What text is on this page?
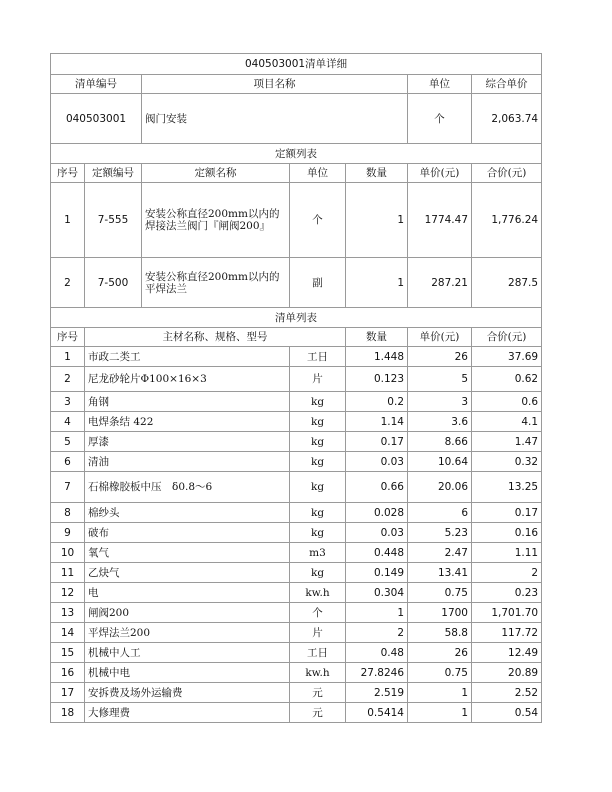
040503001清单详细						
清单编号		项目名称			单位	综合单价
040503001		阀门安装			个	2,063.74
定额列表						
序号	定额编号	定额名称	单位	数量	单价(元)	合价(元)
1	7-555	安装公称直径200mm以内的焊接法兰阀门『闸阀200』	个	1	1774.47	1,776.24
2	7-500	安装公称直径200mm以内的平焊法兰	副	1	287.21	287.5
清单列表						
序号	主材名称、规格、型号			数量	单价(元)	合价(元)
1	市政二类工		工日	1.448	26	37.69
2	尼龙砂轮片Φ100×16×3		片	0.123	5	0.62
3	角钢		kg	0.2	3	0.6
4	电焊条结 422		kg	1.14	3.6	4.1
5	厚漆		kg	0.17	8.66	1.47
6	清油		kg	0.03	10.64	0.32
7	石棉橡胶板中压　δ0.8～6		kg	0.66	20.06	13.25
8	棉纱头		kg	0.028	6	0.17
9	破布		kg	0.03	5.23	0.16
10	氧气		m3	0.448	2.47	1.11
11	乙炔气		kg	0.149	13.41	2
12	电		kw.h	0.304	0.75	0.23
13	闸阀200		个	1	1700	1,701.70
14	平焊法兰200		片	2	58.8	117.72
15	机械中人工		工日	0.48	26	12.49
16	机械中电		kw.h	27.8246	0.75	20.89
17	安拆费及场外运输费		元	2.519	1	2.52
18	大修理费		元	0.5414	1	0.54
